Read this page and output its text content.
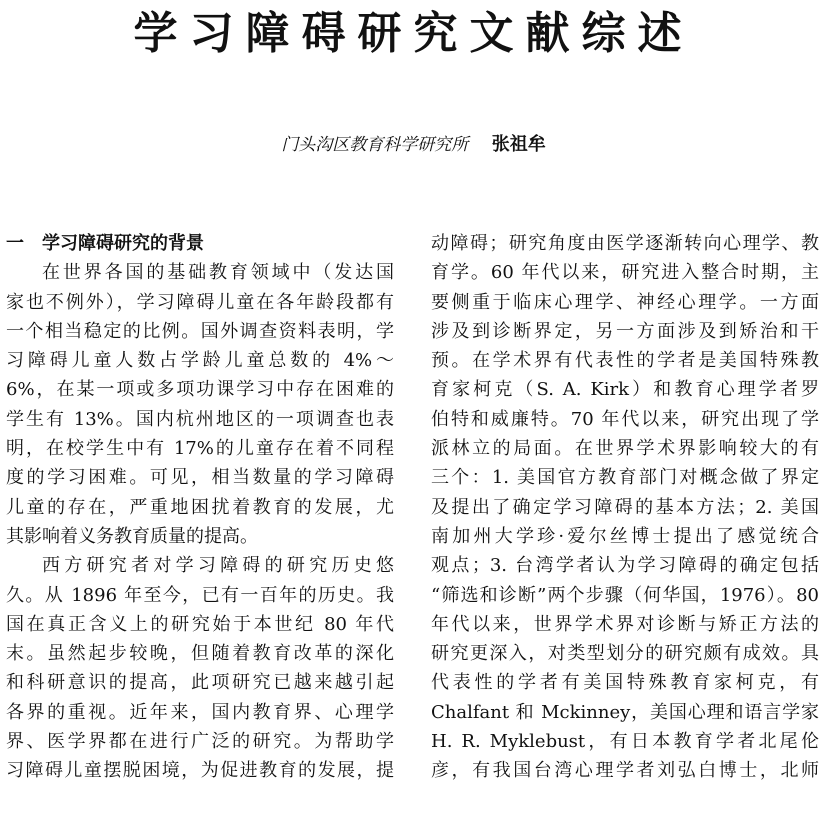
学习障碍研究文献综述
门头沟区教育科学研究所 张祖牟
一　学习障碍研究的背景
在世界各国的基础教育领域中（发达国
家也不例外），学习障碍儿童在各年龄段都有
一个相当稳定的比例。国外调查资料表明，学
习障碍儿童人数占学龄儿童总数的 4%～
6%，在某一项或多项功课学习中存在困难的
学生有 13%。国内杭州地区的一项调查也表
明，在校学生中有 17%的儿童存在着不同程
度的学习困难。可见，相当数量的学习障碍
儿童的存在，严重地困扰着教育的发展，尤
其影响着义务教育质量的提高。
西方研究者对学习障碍的研究历史悠
久。从 1896 年至今，已有一百年的历史。我
国在真正含义上的研究始于本世纪 80 年代
末。虽然起步较晚，但随着教育改革的深化
和科研意识的提高，此项研究已越来越引起
各界的重视。近年来，国内教育界、心理学
界、医学界都在进行广泛的研究。为帮助学
习障碍儿童摆脱困境，为促进教育的发展，提
动障碍；研究角度由医学逐渐转向心理学、教
育学。60 年代以来，研究进入整合时期，主
要侧重于临床心理学、神经心理学。一方面
涉及到诊断界定，另一方面涉及到矫治和干
预。在学术界有代表性的学者是美国特殊教
育家柯克（S. A. Kirk）和教育心理学者罗
伯特和威廉特。70 年代以来，研究出现了学
派林立的局面。在世界学术界影响较大的有
三个：1. 美国官方教育部门对概念做了界定
及提出了确定学习障碍的基本方法；2. 美国
南加州大学珍·爱尔丝博士提出了感觉统合
观点；3. 台湾学者认为学习障碍的确定包括
“筛选和诊断”两个步骤（何华国，1976）。80
年代以来，世界学术界对诊断与矫正方法的
研究更深入，对类型划分的研究颇有成效。具
代表性的学者有美国特殊教育家柯克，有
Chalfant 和 Mckinney，美国心理和语言学家
H. R. Myklebust，有日本教育学者北尾伦
彦，有我国台湾心理学者刘弘白博士，北师
